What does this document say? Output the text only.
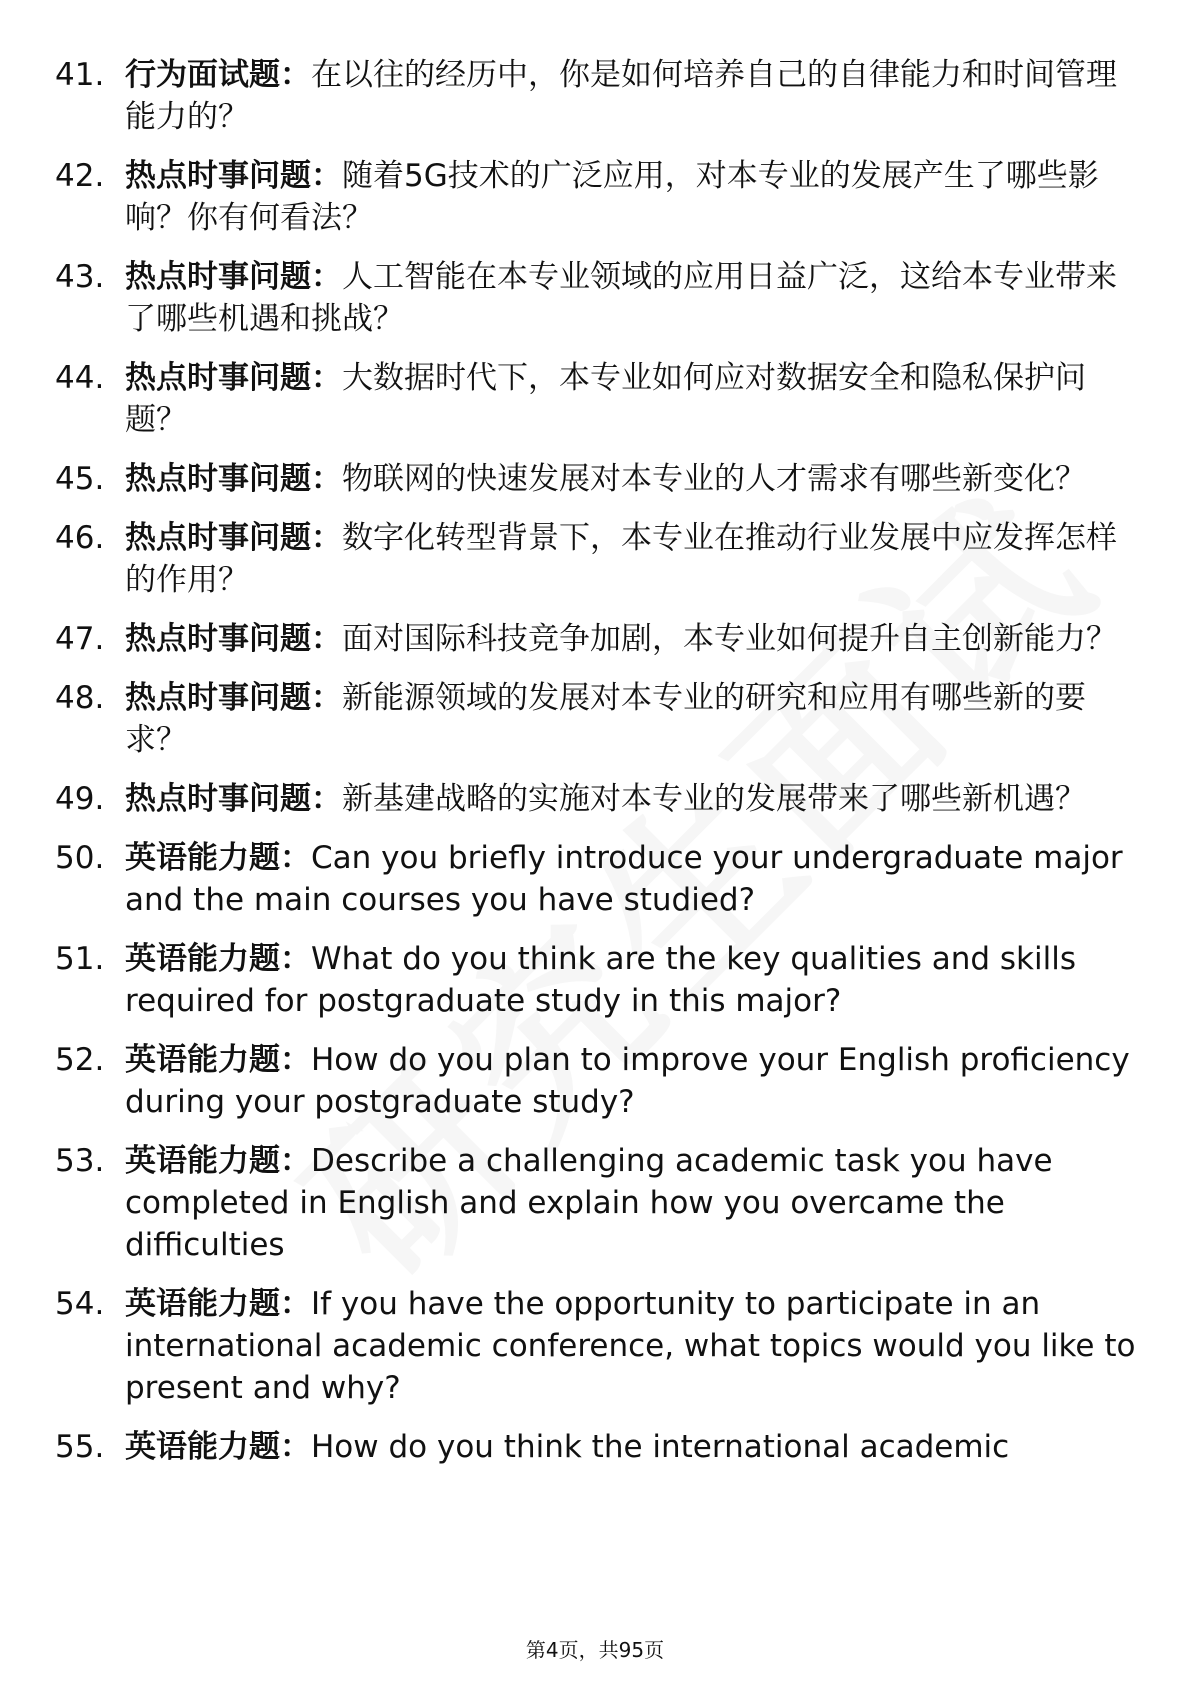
41. 行为面试题：在以往的经历中，你是如何培养自己的自律能力和时间管理能力的？
42. 热点时事问题：随着5G技术的广泛应用，对本专业的发展产生了哪些影响？你有何看法？
43. 热点时事问题：人工智能在本专业领域的应用日益广泛，这给本专业带来了哪些机遇和挑战？
44. 热点时事问题：大数据时代下，本专业如何应对数据安全和隐私保护问题？
45. 热点时事问题：物联网的快速发展对本专业的人才需求有哪些新变化？
46. 热点时事问题：数字化转型背景下，本专业在推动行业发展中应发挥怎样的作用？
47. 热点时事问题：面对国际科技竞争加剧，本专业如何提升自主创新能力？
48. 热点时事问题：新能源领域的发展对本专业的研究和应用有哪些新的要求？
49. 热点时事问题：新基建战略的实施对本专业的发展带来了哪些新机遇？
50. 英语能力题：Can you briefly introduce your undergraduate major and the main courses you have studied?
51. 英语能力题：What do you think are the key qualities and skills required for postgraduate study in this major?
52. 英语能力题：How do you plan to improve your English proficiency during your postgraduate study?
53. 英语能力题：Describe a challenging academic task you have completed in English and explain how you overcame the difficulties
54. 英语能力题：If you have the opportunity to participate in an international academic conference, what topics would you like to present and why?
55. 英语能力题：How do you think the international academic
第4页，共95页
